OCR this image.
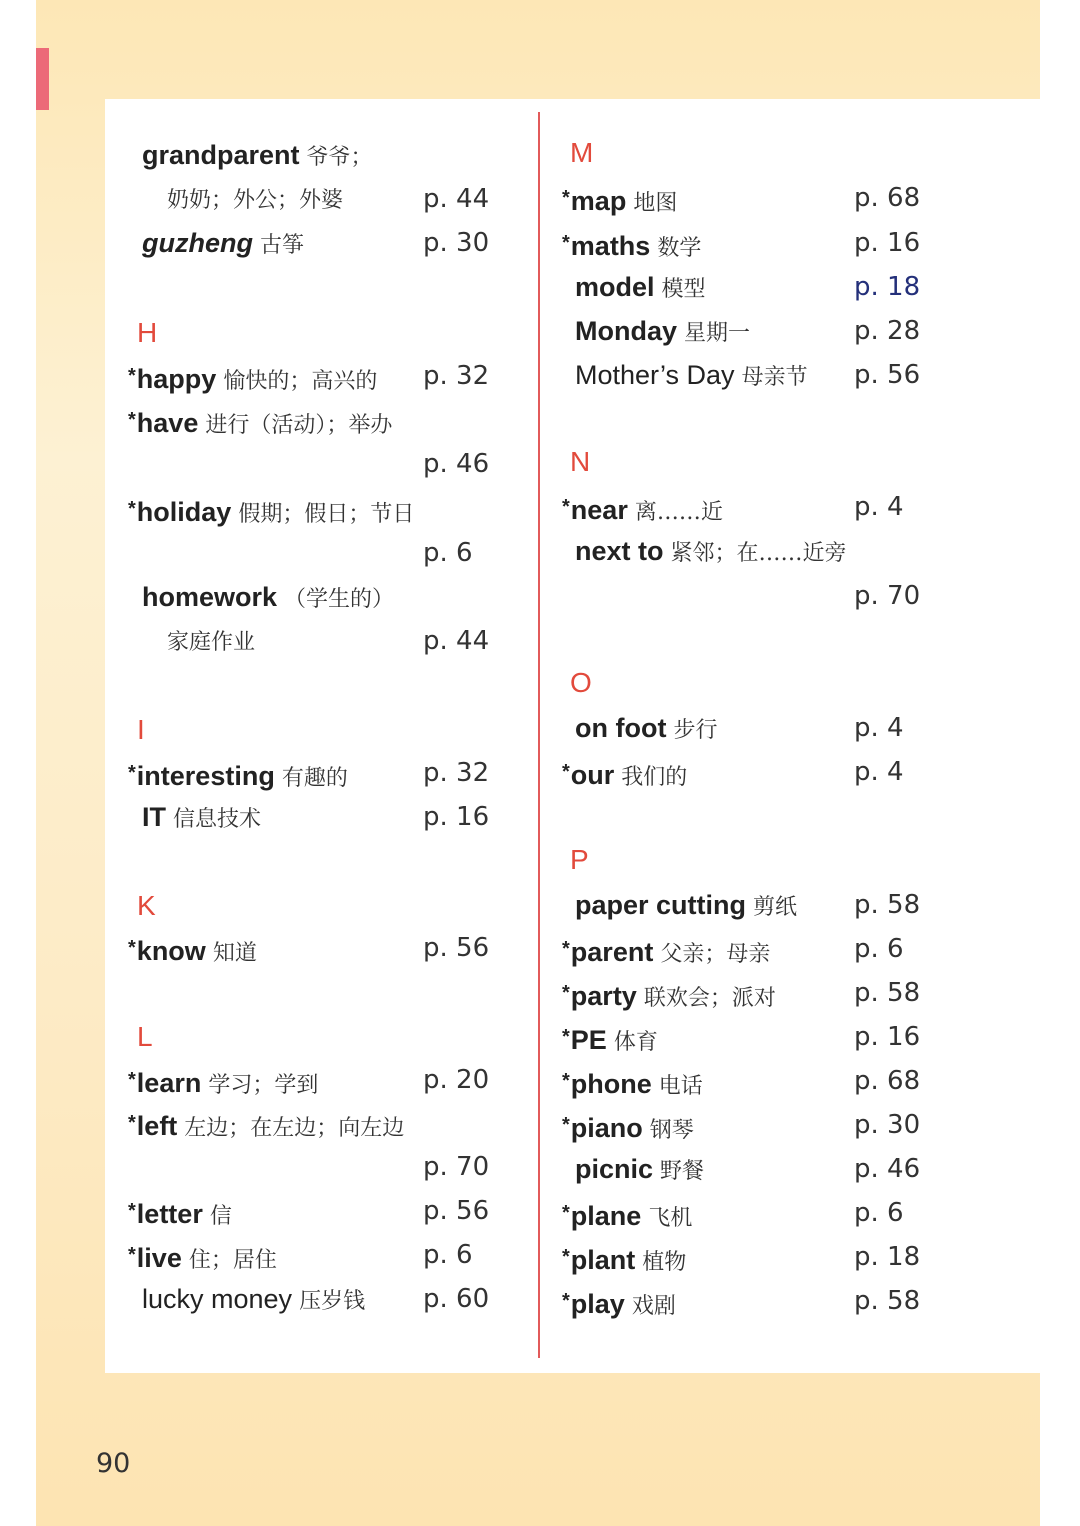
grandparent 爷爷；
奶奶；外公；外婆	p. 44
guzheng 古筝	p. 30
H
*happy 愉快的；高兴的 p. 32
*have 进行（活动）；举办
p. 46
*holiday 假期；假日；节日
p. 6
homework （学生的）
家庭作业	p. 44
I
*interesting 有趣的	p. 32
IT 信息技术	p. 16
K
*know 知道	p. 56
L
*learn 学习；学到	p. 20
*left 左边；在左边；向左边
p. 70
*letter 信	p. 56
*live 住；居住	p. 6
lucky money 压岁钱 p. 60
M
*map 地图	p. 68
*maths 数学	p. 16
model 模型	p. 18
Monday 星期一	p. 28
Mother’s Day 母亲节 p. 56
N
*near 离……近	p. 4
next to 紧邻；在……近旁
p. 70
O
on foot 步行	p. 4
*our 我们的	p. 4
P
paper cutting 剪纸 p. 58
*parent 父亲；母亲	p. 6
*party 联欢会；派对	p. 58
*PE 体育	p. 16
*phone 电话	p. 68
*piano 钢琴	p. 30
picnic 野餐	p. 46
*plane 飞机	p. 6
*plant 植物	p. 18
*play 戏剧	p. 58
90
